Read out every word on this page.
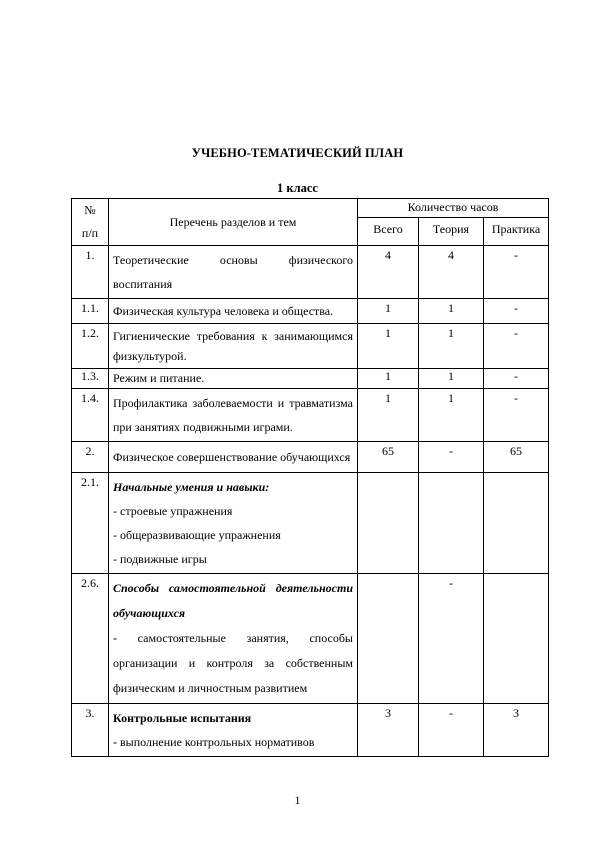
УЧЕБНО-ТЕМАТИЧЕСКИЙ ПЛАН
1 класс
№
п/п	Перечень разделов и тем	Количество часов		
		Всего	Теория	Практика
1.	Теоретические основы физического воспитания	4	4	-
1.1.	Физическая культура человека и общества.	1	1	-
1.2.	Гигиенические требования к занимающимся физкультурой.	1	1	-
1.3.	Режим и питание.	1	1	-
1.4.	Профилактика заболеваемости и травматизма при занятиях подвижными играми.	1	1	-
2.	Физическое совершенствование обучающихся	65	-	65
2.1.	Начальные умения и навыки:
- строевые упражнения
- общеразвивающие упражнения
- подвижные игры			

2.6.	Способы самостоятельной деятельности обучающихся
- самостоятельные занятия, способы организации и контроля за собственным физическим и личностным развитием		-	
3.	Контрольные испытания
- выполнение контрольных нормативов	3	-	3
1
